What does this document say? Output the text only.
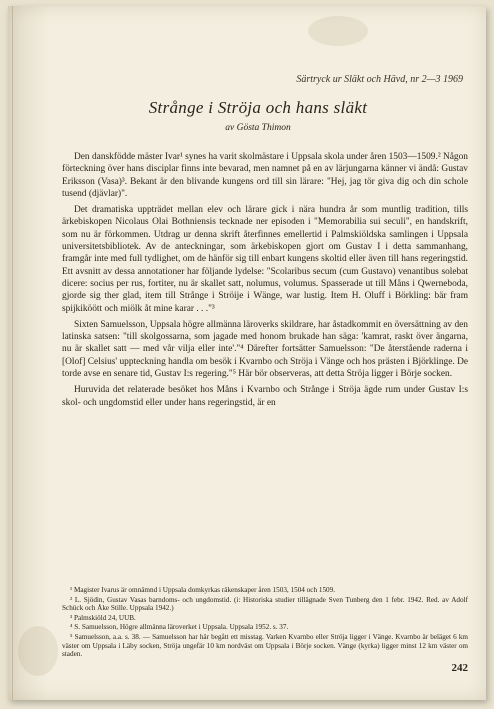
Särtryck ur Släkt och Hävd, nr 2—3 1969
Strånge i Ströja och hans släkt
av Gösta Thimon

Den danskfödde mäster Ivar¹ synes ha varit skolmästare i Uppsala skola under åren 1503—1509.² Någon förteckning över hans disciplar finns inte bevarad, men namnet på en av lärjungarna känner vi ändå: Gustav Eriksson (Vasa)³. Bekant är den blivande kungens ord till sin lärare: "Hej, jag tör giva dig och din schole tusend (djävlar)".

Det dramatiska uppträdet mellan elev och lärare gick i nära hundra år som muntlig tradition, tills ärkebiskopen Nicolaus Olai Bothniensis tecknade ner episoden i "Memorabilia sui seculi", en handskrift, som nu är förkommen. Utdrag ur denna skrift återfinnes emellertid i Palmskiöldska samlingen i Uppsala universitetsbibliotek. Av de anteckningar, som ärkebiskopen gjort om Gustav I i detta sammanhang, framgår inte med full tydlighet, om de hänför sig till enbart kungens skoltid eller även till hans regeringstid. Ett avsnitt av dessa annotationer har följande lydelse: "Scolaribus secum (cum Gustavo) venantibus solebat dicere: socius per rus, fortiter, nu är skallet satt, nolumus, volumus. Spasserade ut till Måns i Qwerneboda, gjorde sig ther glad, item till Strånge i Ströije i Wänge, war lustig. Item H. Oluff i Börkling: bär fram spijkiköött och miölk åt mine karar . . ."³

Sixten Samuelsson, Uppsala högre allmänna läroverks skildrare, har åstadkommit en översättning av den latinska satsen: "till skolgossarna, som jagade med honom brukade han säga: 'kamrat, raskt över ängarna, nu är skallet satt — med vår vilja eller inte'."⁴ Därefter fortsätter Samuelsson: "De återstående raderna i [Olof] Celsius' uppteckning handla om besök i Kvarnbo och Ströja i Vänge och hos prästen i Björklinge. De torde avse en senare tid, Gustav I:s regering."⁵ Här bör observeras, att detta Ströja ligger i Börje socken.

Huruvida det relaterade besöket hos Måns i Kvarnbo och Strånge i Ströja ägde rum under Gustav I:s skol- och ungdomstid eller under hans regeringstid, är en

¹ Magister Ivarus är omnämnd i Uppsala domkyrkas räkenskaper åren 1503, 1504 och 1509.

² L. Sjödin, Gustav Vasas barndoms- och ungdomstid. (i: Historiska studier tillägnade Sven Tunberg den 1 febr. 1942. Red. av Adolf Schück och Åke Stille. Uppsala 1942.)

³ Palmskiöld 24, UUB.

⁴ S. Samuelsson, Högre allmänna läroverket i Uppsala. Uppsala 1952. s. 37.

⁵ Samuelsson, a.a. s. 38. — Samuelsson har här begått ett misstag. Varken Kvarnbo eller Ströja ligger i Vänge. Kvarnbo är beläget 6 km väster om Uppsala i Läby socken, Ströja ungefär 10 km nordväst om Uppsala i Börje socken. Vänge (kyrka) ligger minst 12 km väster om staden.

242
